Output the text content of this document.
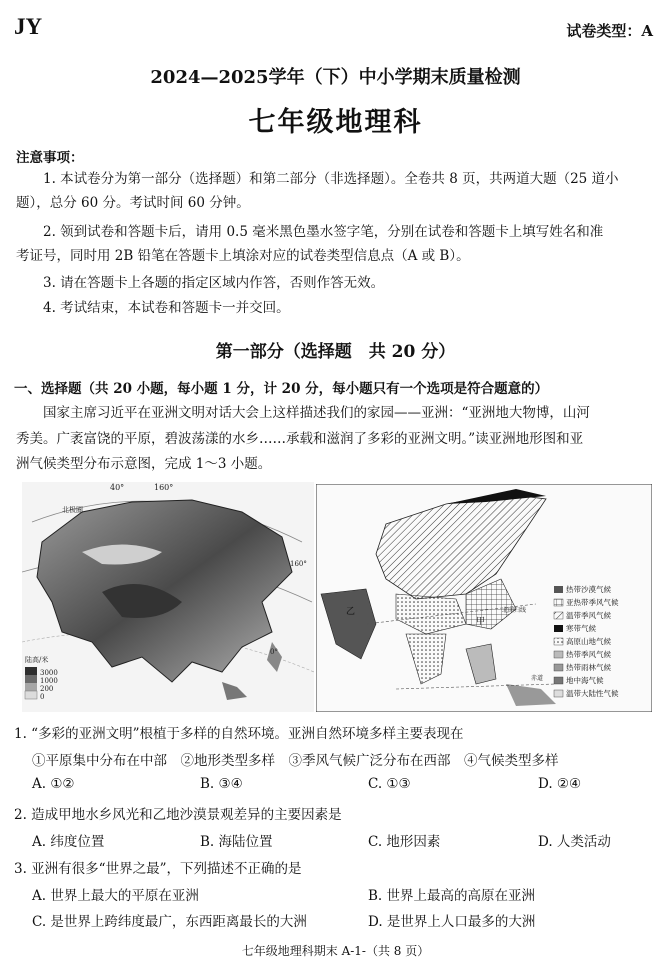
JY	试卷类型：A
2024—2025学年（下）中小学期末质量检测
七年级地理科
注意事项：
1. 本试卷分为第一部分（选择题）和第二部分（非选择题）。全卷共 8 页，共两道大题（25 道小
题），总分 60 分。考试时间 60 分钟。
2. 领到试卷和答题卡后，请用 0.5 毫米黑色墨水签字笔，分别在试卷和答题卡上填写姓名和准
考证号，同时用 2B 铅笔在答题卡上填涂对应的试卷类型信息点（A 或 B）。
3. 请在答题卡上各题的指定区域内作答，否则作答无效。
4. 考试结束，本试卷和答题卡一并交回。
第一部分（选择题　共 20 分）
一、选择题（共 20 小题，每小题 1 分，计 20 分，每小题只有一个选项是符合题意的）
国家主席习近平在亚洲文明对话大会上这样描述我们的家园——亚洲：“亚洲地大物博，山河
秀美。广袤富饶的平原，碧波荡漾的水乡……承载和滋润了多彩的亚洲文明。”读亚洲地形图和亚
洲气候类型分布示意图，完成 1～3 小题。
40°	160°
北极圈
160°
0°
陆高/米
3000
1000
200
0
甲
乙	北回归线
赤道
热带沙漠气候
亚热带季风气候
温带季风气候
寒带气候
高原山地气候
热带季风气候
热带雨林气候
地中海气候
温带大陆性气候
1. “多彩的亚洲文明”根植于多样的自然环境。亚洲自然环境多样主要表现在
①平原集中分布在中部　②地形类型多样　③季风气候广泛分布在西部　④气候类型多样
A. ①②	B. ③④	C. ①③	D. ②④
2. 造成甲地水乡风光和乙地沙漠景观差异的主要因素是
A. 纬度位置	B. 海陆位置	C. 地形因素	D. 人类活动
3. 亚洲有很多“世界之最”，下列描述不正确的是
A. 世界上最大的平原在亚洲	B. 世界上最高的高原在亚洲
C. 是世界上跨纬度最广，东西距离最长的大洲	D. 是世界上人口最多的大洲
七年级地理科期末 A-1-（共 8 页）
